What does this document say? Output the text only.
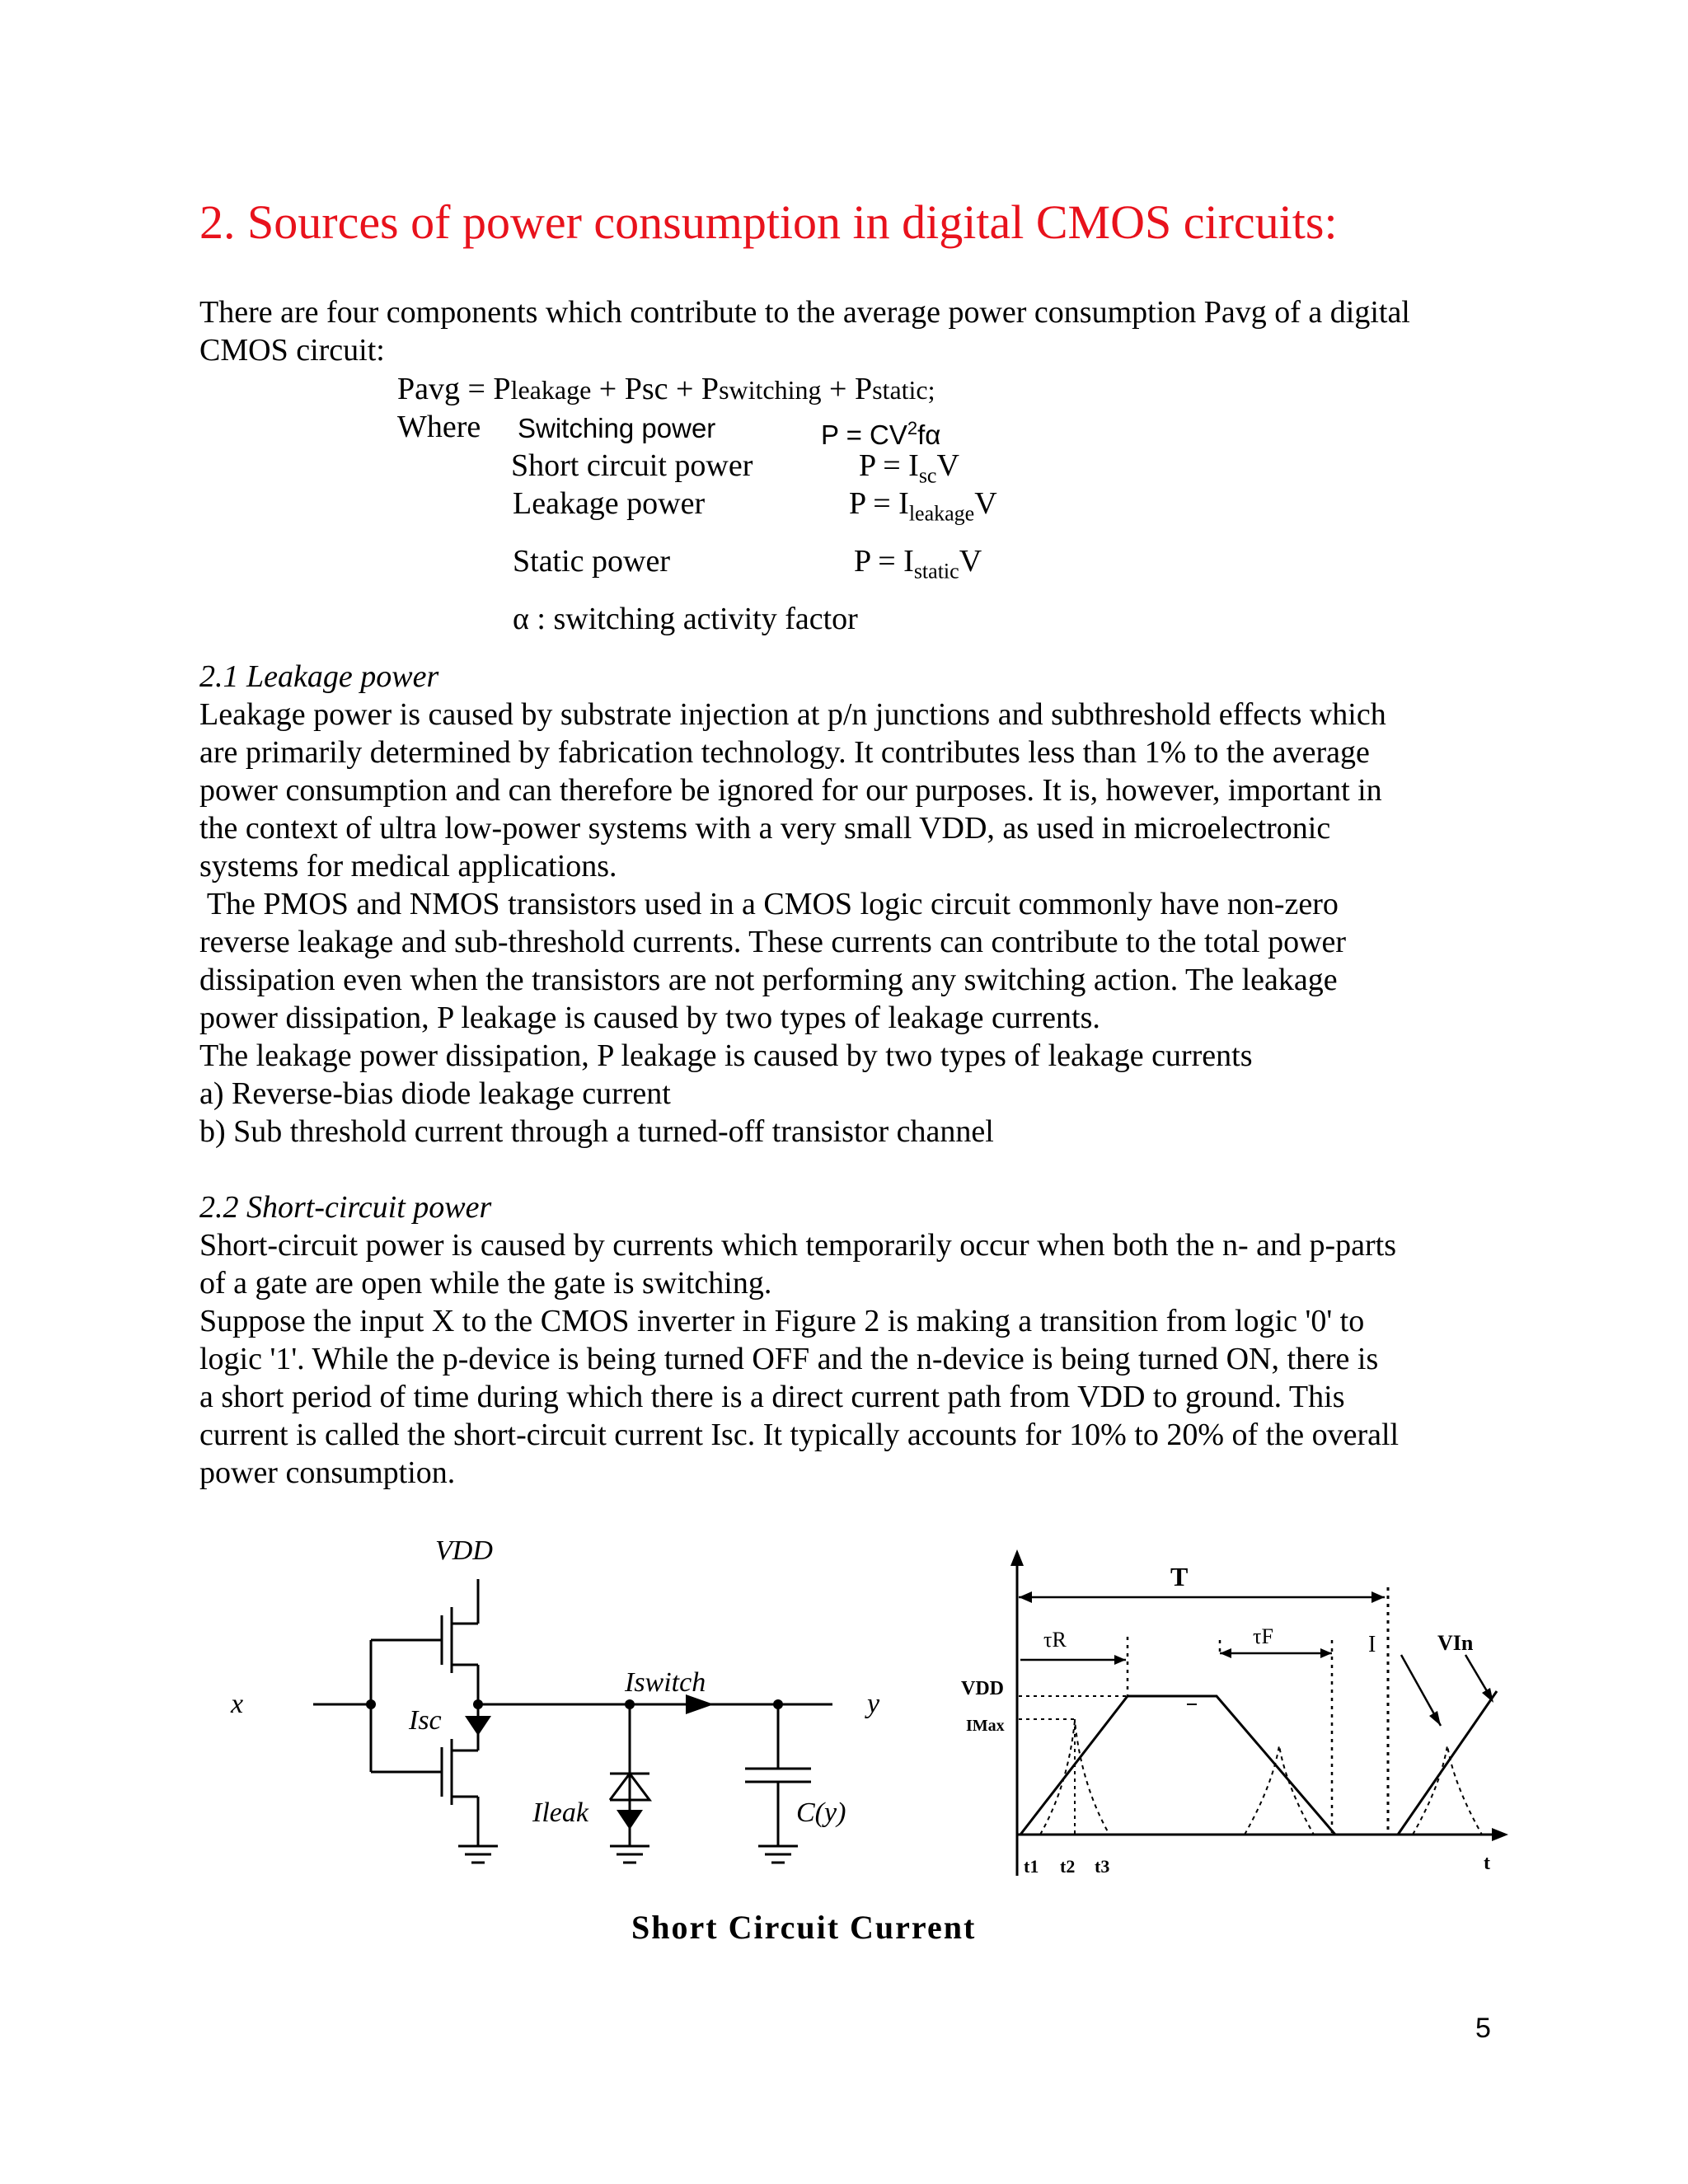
2. Sources of power consumption in digital CMOS circuits:
There are four components which contribute to the average power consumption Pavg of a digital
CMOS circuit:
Pavg = Pleakage + Psc + Pswitching + Pstatic;
Where Switching power	$P = CV^2f\alpha$
Short circuit power	$P = I_{sc}V$
Leakage power	$P = I_{leakage}V$
Static power	$P = I_{static}V$
α : switching activity factor
2.1 Leakage power
Leakage power is caused by substrate injection at p/n junctions and subthreshold effects which
are primarily determined by fabrication technology. It contributes less than 1% to the average
power consumption and can therefore be ignored for our purposes. It is, however, important in
the context of ultra low-power systems with a very small VDD, as used in microelectronic
systems for medical applications.
The PMOS and NMOS transistors used in a CMOS logic circuit commonly have non-zero
reverse leakage and sub-threshold currents. These currents can contribute to the total power
dissipation even when the transistors are not performing any switching action. The leakage
power dissipation, P leakage is caused by two types of leakage currents.
The leakage power dissipation, P leakage is caused by two types of leakage currents
a) Reverse-bias diode leakage current
b) Sub threshold current through a turned-off transistor channel
2.2 Short-circuit power
Short-circuit power is caused by currents which temporarily occur when both the n- and p-parts
of a gate are open while the gate is switching.
Suppose the input X to the CMOS inverter in Figure 2 is making a transition from logic '0' to
logic '1'. While the p-device is being turned OFF and the n-device is being turned ON, there is
a short period of time during which there is a direct current path from VDD to ground. This
current is called the short-circuit current Isc. It typically accounts for 10% to 20% of the overall
power consumption.
VDD
x
Isc
Iswitch
y
Ileak	C(y)
T
τR	τF	I	VIn
VDD
IMax
t1 t2 t3	t
Short Circuit Current
5
